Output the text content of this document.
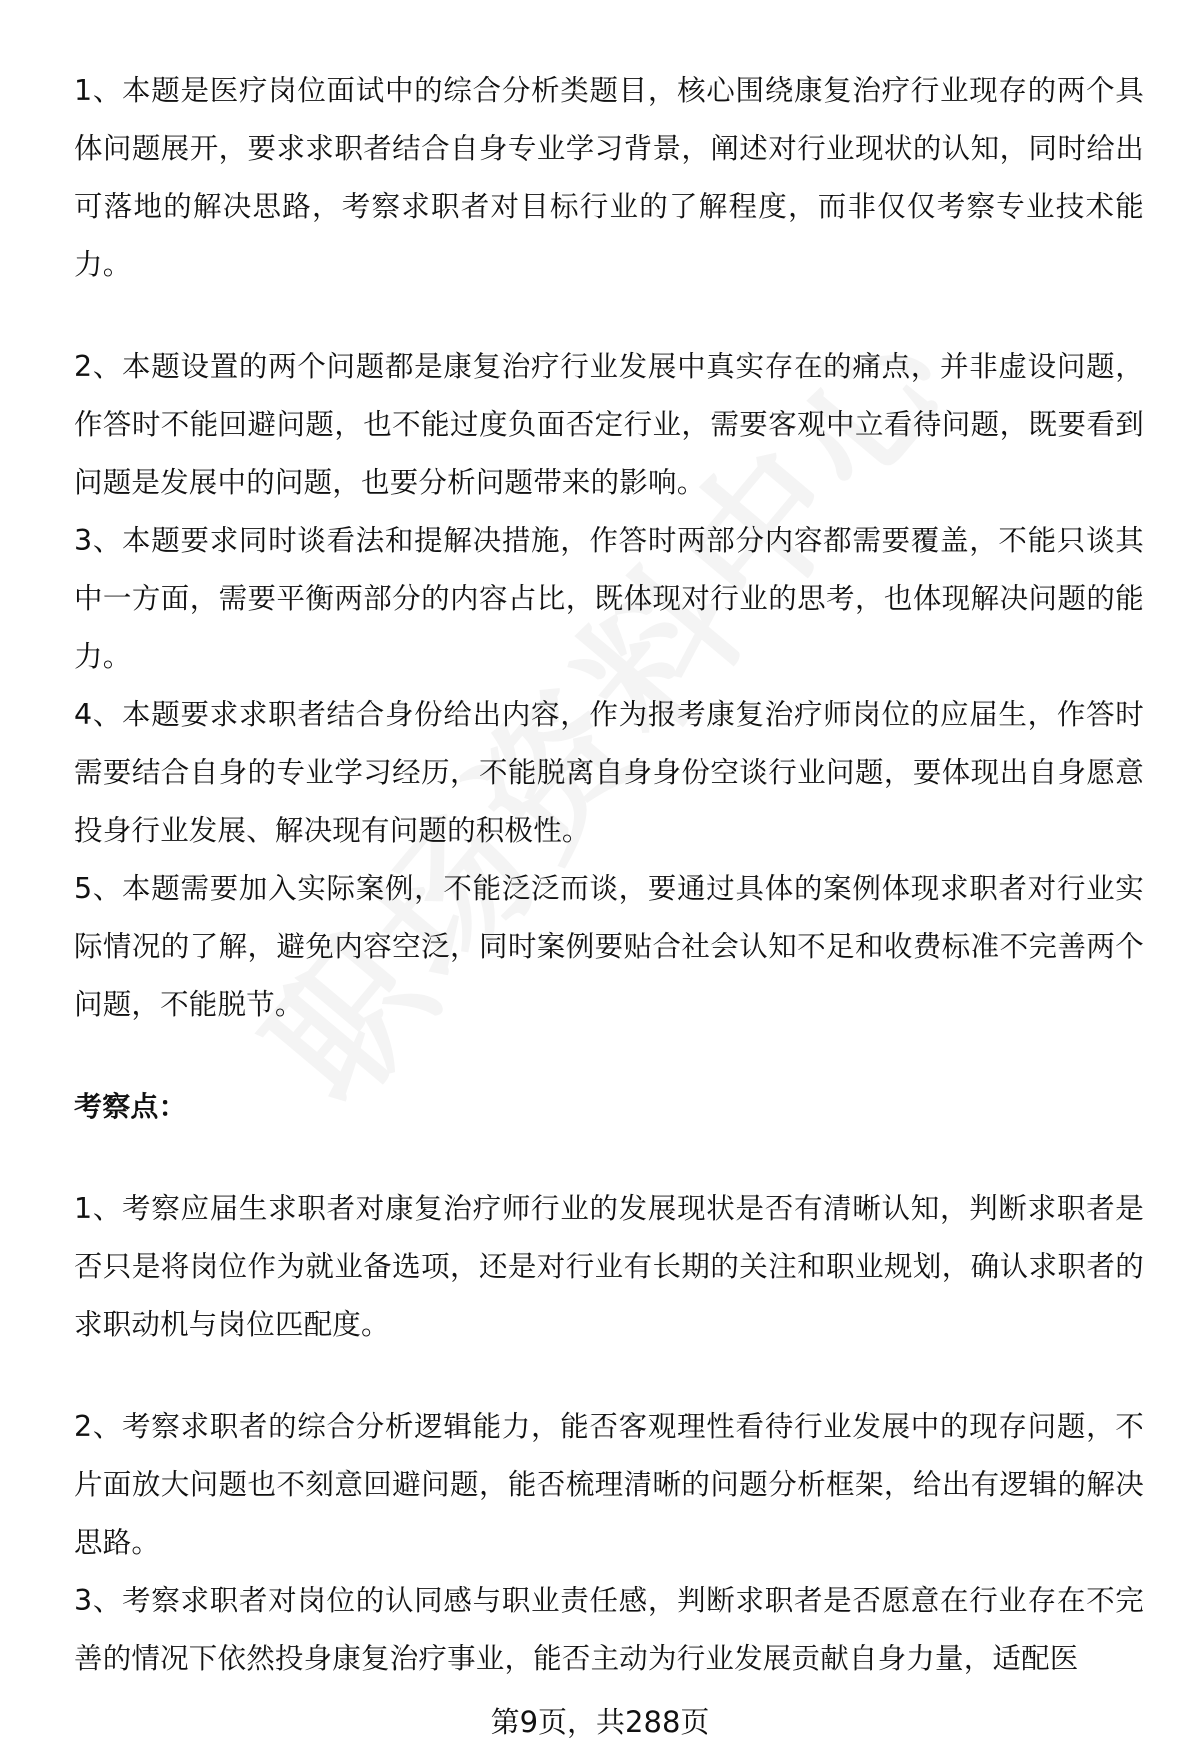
1、本题是医疗岗位面试中的综合分析类题目，核心围绕康复治疗行业现存的两个具体问题展开，要求求职者结合自身专业学习背景，阐述对行业现状的认知，同时给出可落地的解决思路，考察求职者对目标行业的了解程度，而非仅仅考察专业技术能力。

2、本题设置的两个问题都是康复治疗行业发展中真实存在的痛点，并非虚设问题，作答时不能回避问题，也不能过度负面否定行业，需要客观中立看待问题，既要看到问题是发展中的问题，也要分析问题带来的影响。

3、本题要求同时谈看法和提解决措施，作答时两部分内容都需要覆盖，不能只谈其中一方面，需要平衡两部分的内容占比，既体现对行业的思考，也体现解决问题的能力。

4、本题要求求职者结合身份给出内容，作为报考康复治疗师岗位的应届生，作答时需要结合自身的专业学习经历，不能脱离自身身份空谈行业问题，要体现出自身愿意投身行业发展、解决现有问题的积极性。

5、本题需要加入实际案例，不能泛泛而谈，要通过具体的案例体现求职者对行业实际情况的了解，避免内容空泛，同时案例要贴合社会认知不足和收费标准不完善两个问题，不能脱节。

考察点：

1、考察应届生求职者对康复治疗师行业的发展现状是否有清晰认知，判断求职者是否只是将岗位作为就业备选项，还是对行业有长期的关注和职业规划，确认求职者的求职动机与岗位匹配度。

2、考察求职者的综合分析逻辑能力，能否客观理性看待行业发展中的现存问题，不片面放大问题也不刻意回避问题，能否梳理清晰的问题分析框架，给出有逻辑的解决思路。

3、考察求职者对岗位的认同感与职业责任感，判断求职者是否愿意在行业存在不完善的情况下依然投身康复治疗事业，能否主动为行业发展贡献自身力量，适配医

第9页，共288页
